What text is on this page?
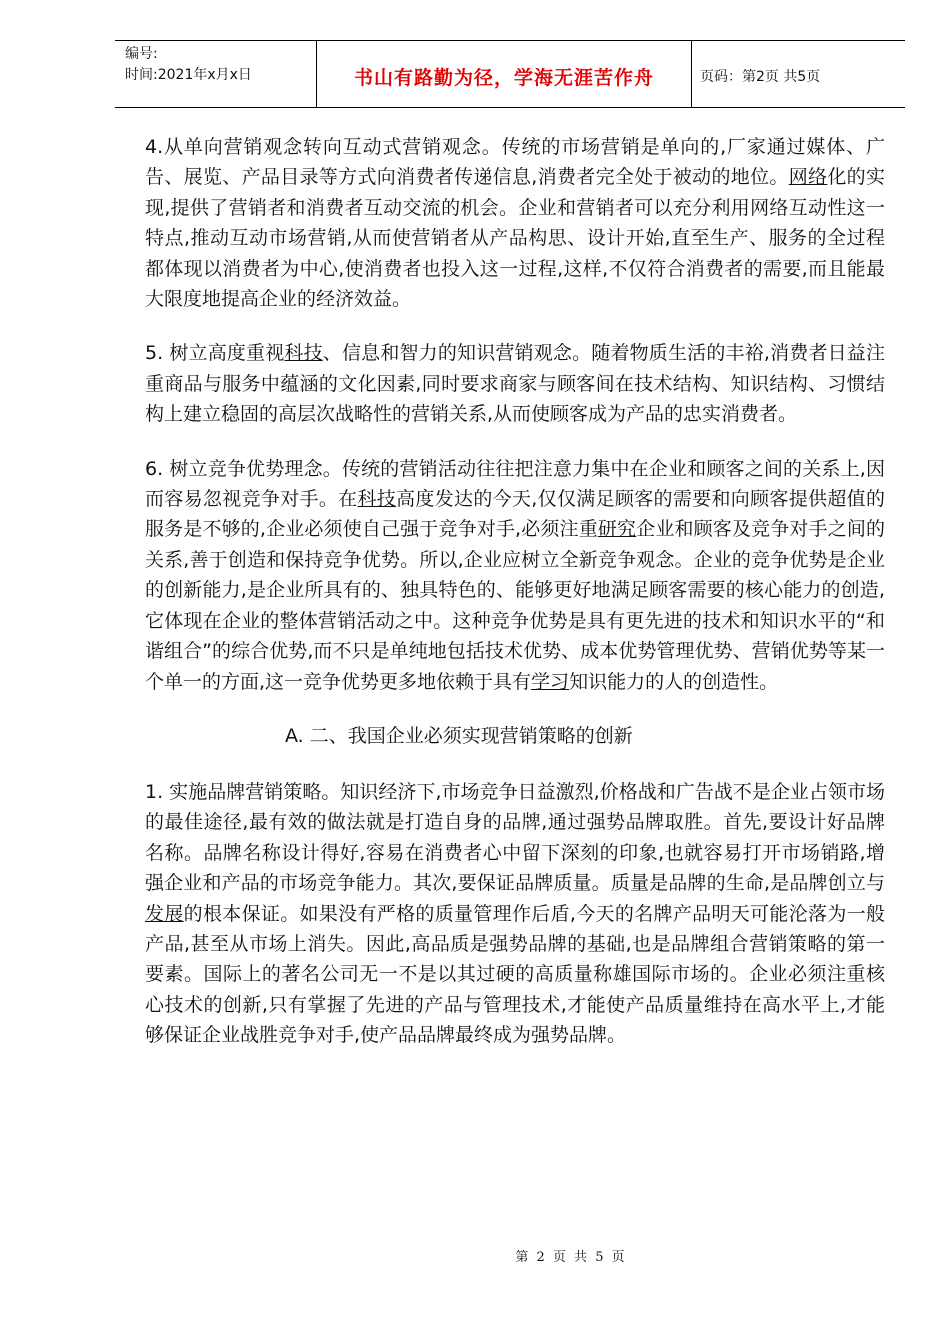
编号:
时间:2021年x月x日	书山有路勤为径，学海无涯苦作舟	页码：第2页 共5页

4.从单向营销观念转向互动式营销观念。传统的市场营销是单向的,厂家通过媒体、广告、展览、产品目录等方式向消费者传递信息,消费者完全处于被动的地位。网络化的实现,提供了营销者和消费者互动交流的机会。企业和营销者可以充分利用网络互动性这一特点,推动互动市场营销,从而使营销者从产品构思、设计开始,直至生产、服务的全过程都体现以消费者为中心,使消费者也投入这一过程,这样,不仅符合消费者的需要,而且能最大限度地提高企业的经济效益。

5. 树立高度重视科技、信息和智力的知识营销观念。随着物质生活的丰裕,消费者日益注重商品与服务中蕴涵的文化因素,同时要求商家与顾客间在技术结构、知识结构、习惯结构上建立稳固的高层次战略性的营销关系,从而使顾客成为产品的忠实消费者。

6. 树立竞争优势理念。传统的营销活动往往把注意力集中在企业和顾客之间的关系上,因而容易忽视竞争对手。在科技高度发达的今天,仅仅满足顾客的需要和向顾客提供超值的服务是不够的,企业必须使自己强于竞争对手,必须注重研究企业和顾客及竞争对手之间的关系,善于创造和保持竞争优势。所以,企业应树立全新竞争观念。企业的竞争优势是企业的创新能力,是企业所具有的、独具特色的、能够更好地满足顾客需要的核心能力的创造,它体现在企业的整体营销活动之中。这种竞争优势是具有更先进的技术和知识水平的“和谐组合”的综合优势,而不只是单纯地包括技术优势、成本优势管理优势、营销优势等某一个单一的方面,这一竞争优势更多地依赖于具有学习知识能力的人的创造性。

A. 二、我国企业必须实现营销策略的创新

1. 实施品牌营销策略。知识经济下,市场竞争日益激烈,价格战和广告战不是企业占领市场的最佳途径,最有效的做法就是打造自身的品牌,通过强势品牌取胜。首先,要设计好品牌名称。品牌名称设计得好,容易在消费者心中留下深刻的印象,也就容易打开市场销路,增强企业和产品的市场竞争能力。其次,要保证品牌质量。质量是品牌的生命,是品牌创立与发展的根本保证。如果没有严格的质量管理作后盾,今天的名牌产品明天可能沦落为一般产品,甚至从市场上消失。因此,高品质是强势品牌的基础,也是品牌组合营销策略的第一要素。国际上的著名公司无一不是以其过硬的高质量称雄国际市场的。企业必须注重核心技术的创新,只有掌握了先进的产品与管理技术,才能使产品质量维持在高水平上,才能够保证企业战胜竞争对手,使产品品牌最终成为强势品牌。

第 2 页 共 5 页
